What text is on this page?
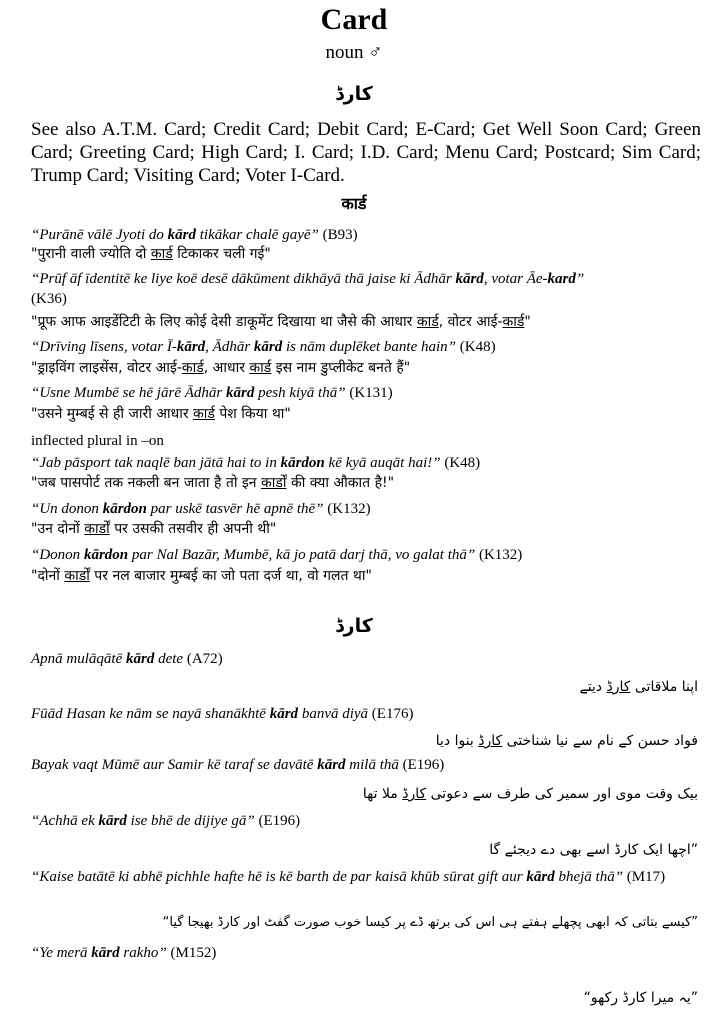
Card
noun ♂
کارڈ
See also A.T.M. Card; Credit Card; Debit Card; E-Card; Get Well Soon Card; Green Card; Greeting Card; High Card; I. Card; I.D. Card; Menu Card; Postcard; Sim Card; Trump Card; Visiting Card; Voter I-Card.
कार्ड
“Purānē vālē Jyoti do kārd tikākar chalē gayē” (B93)
"पुरानी वाली ज्योति दो कार्ड टिकाकर चली गई"
“Prūf āf īdentitē ke liye koē desē dākūment dikhāyā thā jaise ki Ādhār kārd, votar Āe-kard”
(K36)
"प्रूफ आफ आइडेंटिटी के लिए कोई देसी डाकूमेंट दिखाया था जैसे की आधार कार्ड, वोटर आई-कार्ड"
“Drīving līsens, votar Ī-kārd, Ādhār kārd is nām duplēket bante hain” (K48)
"ड्राइविंग लाइसेंस, वोटर आई-कार्ड, आधार कार्ड इस नाम डुप्लीकेट बनते हैं"
“Usne Mumbē se hē jārē Ādhār kārd pesh kiyā thā” (K131)
"उसने मुम्बई से ही जारी आधार कार्ड पेश किया था"
inflected plural in –on
“Jab pāsport tak naqlē ban jātā hai to in kārdon kē kyā auqāt hai!” (K48)
"जब पासपोर्ट तक नकली बन जाता है तो इन कार्डों की क्या औकात है!"
“Un donon kārdon par uskē tasvēr hē apnē thē” (K132)
"उन दोनों कार्डों पर उसकी तसवीर ही अपनी थी"
“Donon kārdon par Nal Bazār, Mumbē, kā jo patā darj thā, vo galat thā” (K132)
"दोनों कार्डों पर नल बाजार मुम्बई का जो पता दर्ज था, वो गलत था"
کارڈ
Apnā mulāqātē kārd dete (A72)
اپنا ملاقاتی کارڈ دیتے
Fūād Hasan ke nām se nayā shanākhtē kārd banvā diyā (E176)
فواد حسن کے نام سے نیا شناختی کارڈ بنوا دیا
Bayak vaqt Mūmē aur Samir kē taraf se davātē kārd milā thā (E196)
بیک وقت موی اور سمیر کی طرف سے دعوتی کارڈ ملا تھا
“Achhā ek kārd ise bhē de dijiye gā” (E196)
”اچھا ایک کارڈ اسے بھی دے دیجئے گا
“Kaise batātē ki abhē pichhle hafte hē is kē barth de par kaisā khūb sūrat gift aur kārd bhejā thā” (M17)
”کیسے بتاتی کہ ابھی پچھلے ہفتے ہی اس کی برتھ ڈے پر کیسا خوب صورت گفٹ اور کارڈ بھیجا گیا“
“Ye merā kārd rakho” (M152)
”یہ میرا کارڈ رکھو“
